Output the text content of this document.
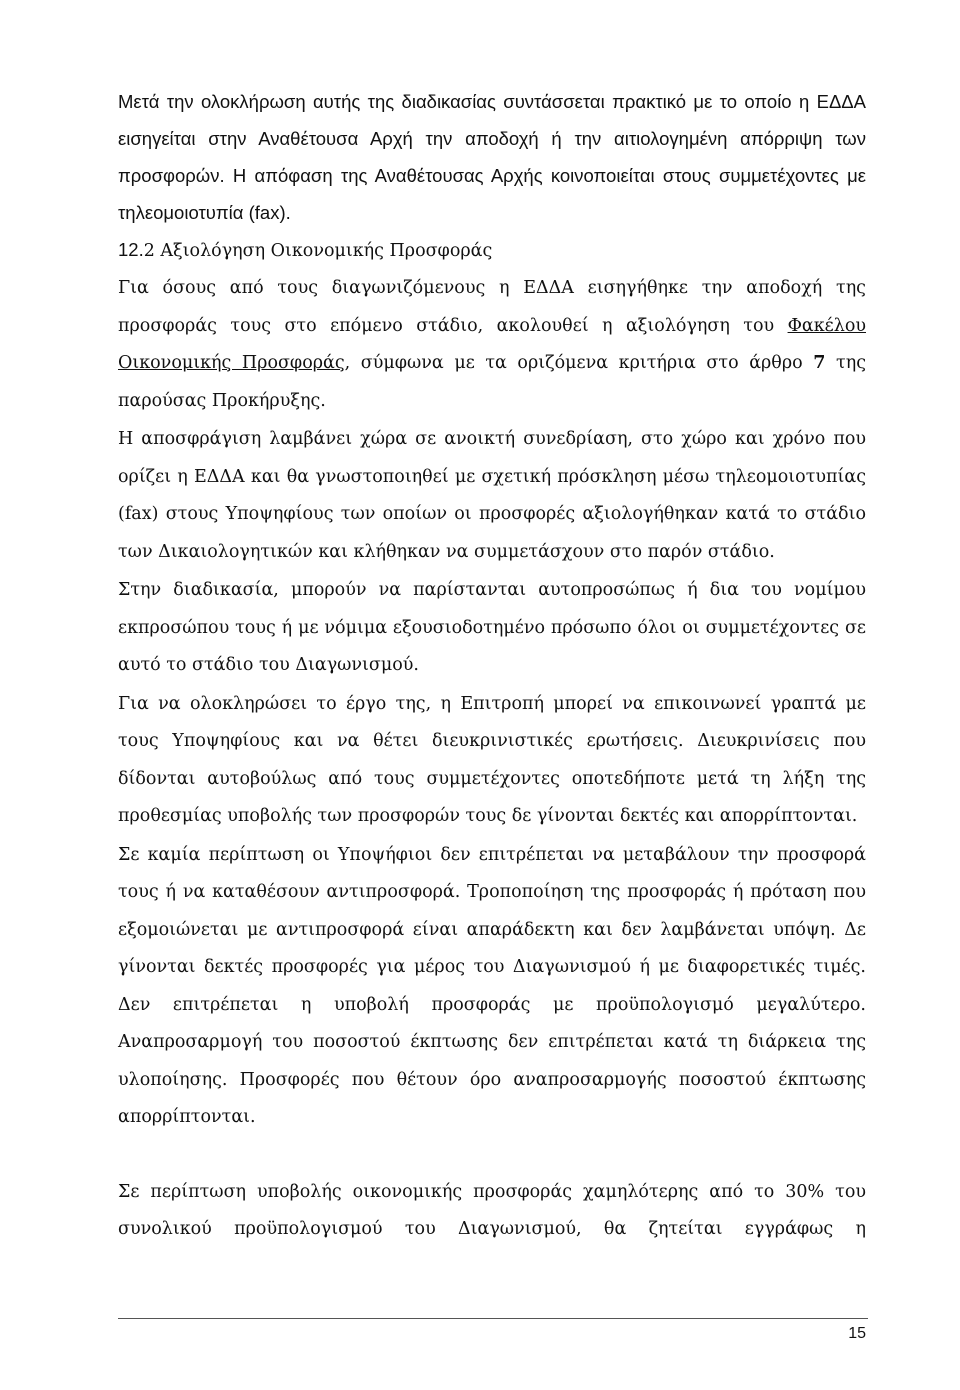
Μετά την ολοκλήρωση αυτής της διαδικασίας συντάσσεται πρακτικό με το οποίο η ΕΔΔΑ εισηγείται στην Αναθέτουσα Αρχή την αποδοχή ή την αιτιολογημένη απόρριψη των προσφορών. Η απόφαση της Αναθέτουσας Αρχής κοινοποιείται στους συμμετέχοντες με τηλεομοιοτυπία (fax).

12.2 Αξιολόγηση Οικονομικής Προσφοράς

Για όσους από τους διαγωνιζόμενους η ΕΔΔΑ εισηγήθηκε την αποδοχή της προσφοράς τους στο επόμενο στάδιο, ακολουθεί η αξιολόγηση του Φακέλου Οικονομικής Προσφοράς, σύμφωνα με τα οριζόμενα κριτήρια στο άρθρο 7 της παρούσας Προκήρυξης.

Η αποσφράγιση λαμβάνει χώρα σε ανοικτή συνεδρίαση, στο χώρο και χρόνο που ορίζει η ΕΔΔΑ και θα γνωστοποιηθεί με σχετική πρόσκληση μέσω τηλεομοιοτυπίας (fax) στους Υποψηφίους των οποίων οι προσφορές αξιολογήθηκαν κατά το στάδιο των Δικαιολογητικών και κλήθηκαν να συμμετάσχουν στο παρόν στάδιο.

Στην διαδικασία, μπορούν να παρίστανται αυτοπροσώπως ή δια του νομίμου εκπροσώπου τους ή με νόμιμα εξουσιοδοτημένο πρόσωπο όλοι οι συμμετέχοντες σε αυτό το στάδιο του Διαγωνισμού.

Για να ολοκληρώσει το έργο της, η Επιτροπή μπορεί να επικοινωνεί γραπτά με τους Υποψηφίους και να θέτει διευκρινιστικές ερωτήσεις. Διευκρινίσεις που δίδονται αυτοβούλως από τους συμμετέχοντες οποτεδήποτε μετά τη λήξη της προθεσμίας υποβολής των προσφορών τους δε γίνονται δεκτές και απορρίπτονται.

Σε καμία περίπτωση οι Υποψήφιοι δεν επιτρέπεται να μεταβάλουν την προσφορά τους ή να καταθέσουν αντιπροσφορά. Τροποποίηση της προσφοράς ή πρόταση που εξομοιώνεται με αντιπροσφορά είναι απαράδεκτη και δεν λαμβάνεται υπόψη. Δε γίνονται δεκτές προσφορές για μέρος του Διαγωνισμού ή με διαφορετικές τιμές. Δεν επιτρέπεται η υποβολή προσφοράς με προϋπολογισμό μεγαλύτερο. Αναπροσαρμογή του ποσοστού έκπτωσης δεν επιτρέπεται κατά τη διάρκεια της υλοποίησης. Προσφορές που θέτουν όρο αναπροσαρμογής ποσοστού έκπτωσης απορρίπτονται.

Σε περίπτωση υποβολής οικονομικής προσφοράς χαμηλότερης από το 30% του συνολικού προϋπολογισμού του Διαγωνισμού, θα ζητείται εγγράφως η

15
